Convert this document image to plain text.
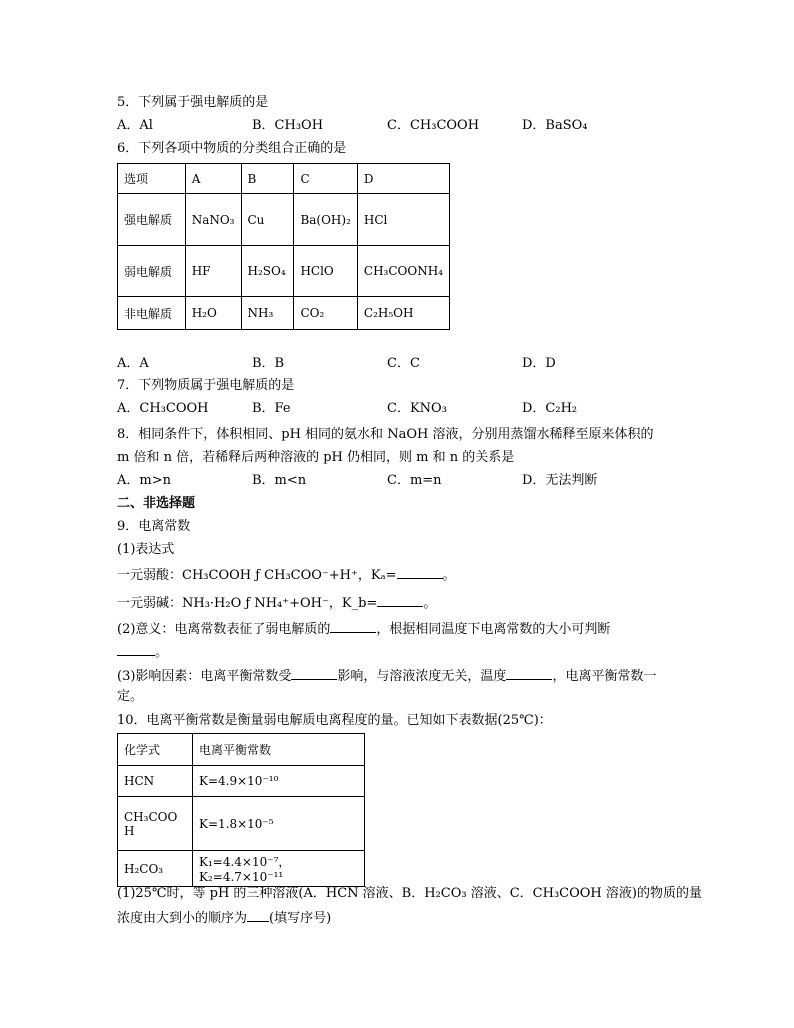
5．下列属于强电解质的是
A．Al	B．CH₃OH	C．CH₃COOH	D．BaSO₄
6．下列各项中物质的分类组合正确的是
选项	A	B	C	D
强电解质	NaNO₃	Cu	Ba(OH)₂	HCl
弱电解质	HF	H₂SO₄	HClO	CH₃COONH₄
非电解质	H₂O	NH₃	CO₂	C₂H₅OH
A．A	B．B	C．C	D．D
7．下列物质属于强电解质的是
A．CH₃COOH	B．Fe	C．KNO₃	D．C₂H₂
8．相同条件下，体积相同、pH 相同的氨水和 NaOH 溶液，分别用蒸馏水稀释至原来体积的
m 倍和 n 倍，若稀释后两种溶液的 pH 仍相同，则 m 和 n 的关系是
A．m>n	B．m<n	C．m=n	D．无法判断
二、非选择题
9．电离常数
(1)表达式
一元弱酸：CH₃COOH ƒ CH₃COO⁻+H⁺，Kₐ=	。
一元弱碱：NH₃·H₂O ƒ NH₄⁺+OH⁻，K_b=	。
(2)意义：电离常数表征了弱电解质的	，根据相同温度下电离常数的大小可判断
。
(3)影响因素：电离平衡常数受	影响，与溶液浓度无关，温度	，电离平衡常数一
定。
10．电离平衡常数是衡量弱电解质电离程度的量。已知如下表数据(25℃)：
化学式	电离平衡常数
HCN	K=4.9×10⁻¹⁰
CH₃COOH	K=1.8×10⁻⁵
H₂CO₃	K₁=4.4×10⁻⁷，K₂=4.7×10⁻¹¹
(1)25℃时，等 pH 的三种溶液(A．HCN 溶液、B．H₂CO₃ 溶液、C．CH₃COOH 溶液)的物质的量
浓度由大到小的顺序为 (填写序号)
